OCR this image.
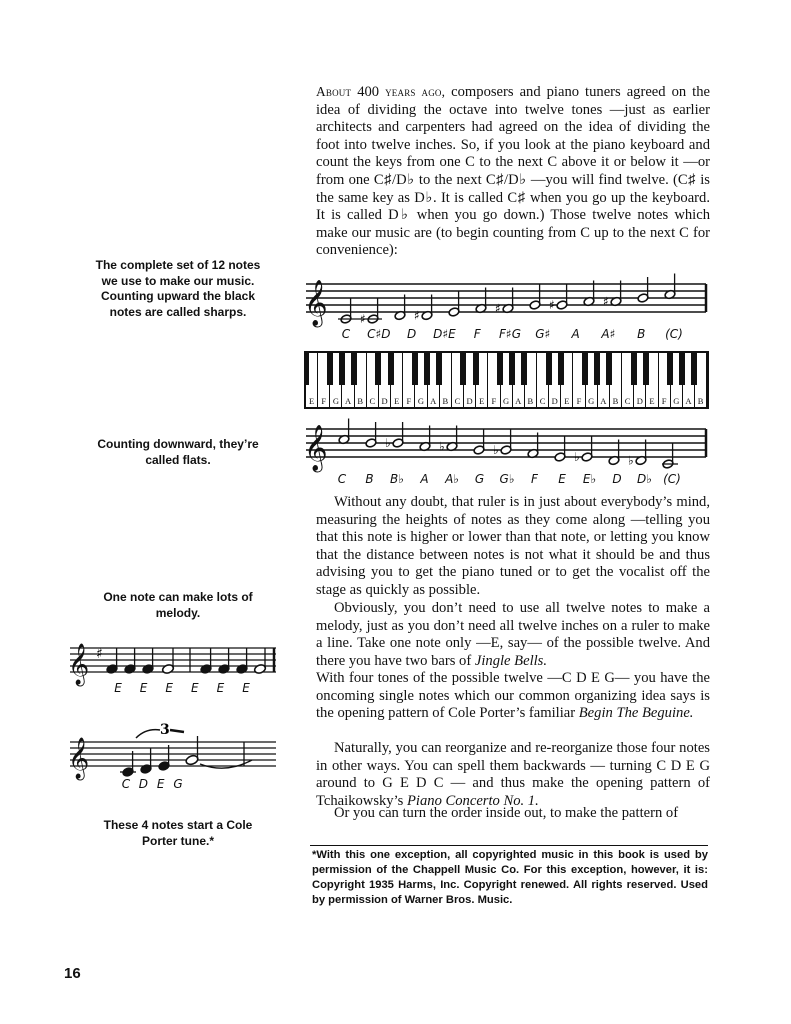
About 400 years ago, composers and piano tuners agreed on the idea of dividing the octave into twelve tones —just as earlier architects and carpenters had agreed on the idea of dividing the foot into twelve inches. So, if you look at the piano keyboard and count the keys from one C to the next C above it or below it —or from one C♯/D♭ to the next C♯/D♭ —you will find twelve. (C♯ is the same key as D♭. It is called C♯ when you go up the keyboard. It is called D♭ when you go down.) Those twelve notes which make our music are (to begin counting from C up to the next C for convenience):

𝄞	♯	♯	♯	♯	♯
C C♯D D D♯E F F♯G G♯ A A♯ B (C)
E F G A B C D E F G A B C D E F G A B C D E F G A B C D E F G A B
𝄞	♭	♭	♭	♭	♭
C B B♭ A A♭ G G♭ F E E♭ D D♭ (C)

Without any doubt, that ruler is in just about everybody’s mind, measuring the heights of notes as they come along —telling you that this note is higher or lower than that note, or letting you know that the distance between notes is not what it should be and thus advising you to get the piano tuned or to get the vocalist off the stage as quickly as possible.

Obviously, you don’t need to use all twelve notes to make a melody, just as you don’t need all twelve inches on a ruler to make a line. Take one note only —E, say— of the possible twelve. And there you have two bars of Jingle Bells.

With four tones of the possible twelve —C D E G— you have the oncoming single notes which our common organizing idea says is the opening pattern of Cole Porter’s familiar Begin The Beguine.

Naturally, you can reorganize and re-reorganize those four notes in other ways. You can spell them backwards — turning C D E G around to G E D C — and thus make the opening pattern of Tchaikowsky’s Piano Concerto No. 1.

Or you can turn the order inside out, to make the pattern of

The complete set of 12 notes we use to make our music. Counting upward the black notes are called sharps.

Counting downward, they’re called flats.

One note can make lots of melody.

𝄞 ♯
E E E E E E
𝄞
3
C D E G

These 4 notes start a Cole Porter tune.*

*With this one exception, all copyrighted music in this book is used by permission of the Chappell Music Co. For this exception, however, it is: Copyright 1935 Harms, Inc. Copyright renewed. All rights reserved. Used by permission of Warner Bros. Music.

16
